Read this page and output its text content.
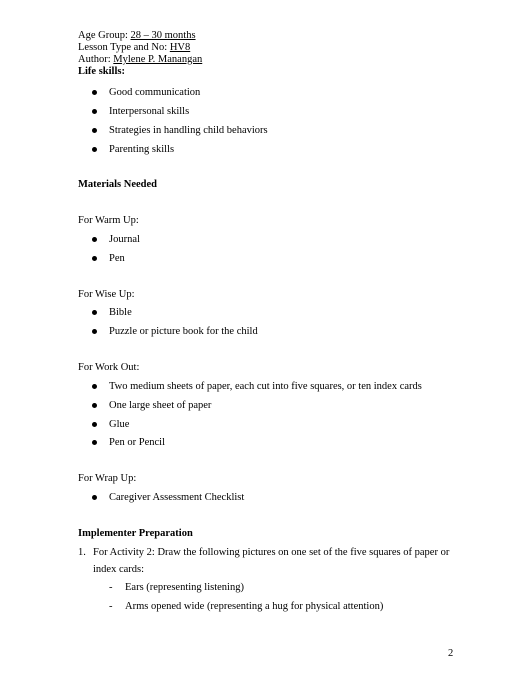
Age Group: 28 – 30 months
Lesson Type and No: HV8
Author: Mylene P. Manangan
Life skills:
Good communication
Interpersonal skills
Strategies in handling child behaviors
Parenting skills
Materials Needed
For Warm Up:
Journal
Pen
For Wise Up:
Bible
Puzzle or picture book for the child
For Work Out:
Two medium sheets of paper, each cut into five squares, or ten index cards
One large sheet of paper
Glue
Pen or Pencil
For Wrap Up:
Caregiver Assessment Checklist
Implementer Preparation
1. For Activity 2: Draw the following pictures on one set of the five squares of paper or
index cards:
- Ears (representing listening)
- Arms opened wide (representing a hug for physical attention)
2
